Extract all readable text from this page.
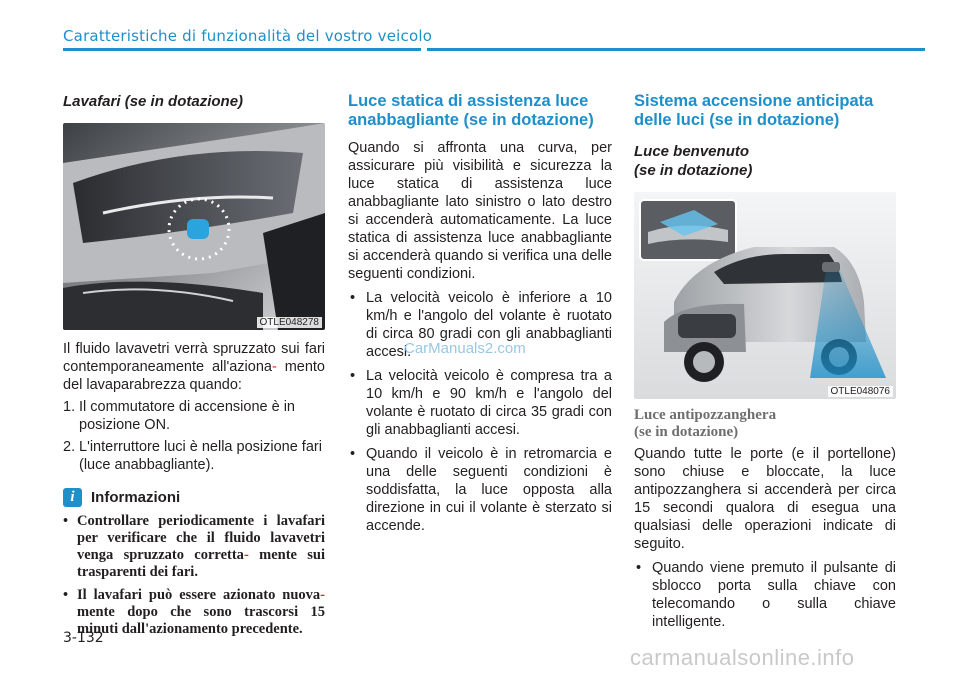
Caratteristiche di funzionalità del vostro veicolo
Lavafari (se in dotazione)
OTLE048278

Il fluido lavavetri verrà spruzzato sui fari contemporaneamente all'aziona- mento del lavaparabrezza quando:

1. Il commutatore di accensione è in posizione ON.
2. L'interruttore luci è nella posizione fari (luce anabbagliante).
i	Informazioni
• Controllare periodicamente i lavafari per verificare che il fluido lavavetri venga spruzzato corretta- mente sui trasparenti dei fari.
• Il lavafari può essere azionato nuova- mente dopo che sono trascorsi 15 minuti dall'azionamento precedente.
Luce statica di assistenza luce anabbagliante (se in dotazione)

Quando si affronta una curva, per assicurare più visibilità e sicurezza la luce statica di assistenza luce anabbagliante lato sinistro o lato destro si accenderà automaticamente. La luce statica di assistenza luce anabbagliante si accenderà quando si verifica una delle seguenti condizioni.

• La velocità veicolo è inferiore a 10 km/h e l'angolo del volante è ruotato di circa 80 gradi con gli anabbaglianti accesi.
• La velocità veicolo è compresa tra a 10 km/h e 90 km/h e l'angolo del volante è ruotato di circa 35 gradi con gli anabbaglianti accesi.
• Quando il veicolo è in retromarcia e una delle seguenti condizioni è soddisfatta, la luce opposta alla direzione in cui il volante è sterzato si accende.
Sistema accensione anticipata delle luci (se in dotazione)
Luce benvenuto
(se in dotazione)
OTLE048076
Luce antipozzanghera
(se in dotazione)

Quando tutte le porte (e il portellone) sono chiuse e bloccate, la luce antipozzanghera si accenderà per circa 15 secondi qualora di esegua una qualsiasi delle operazioni indicate di seguito.

• Quando viene premuto il pulsante di sblocco porta sulla chiave con telecomando o sulla chiave intelligente.
3-132
CarManuals2.com
carmanualsonline.info
